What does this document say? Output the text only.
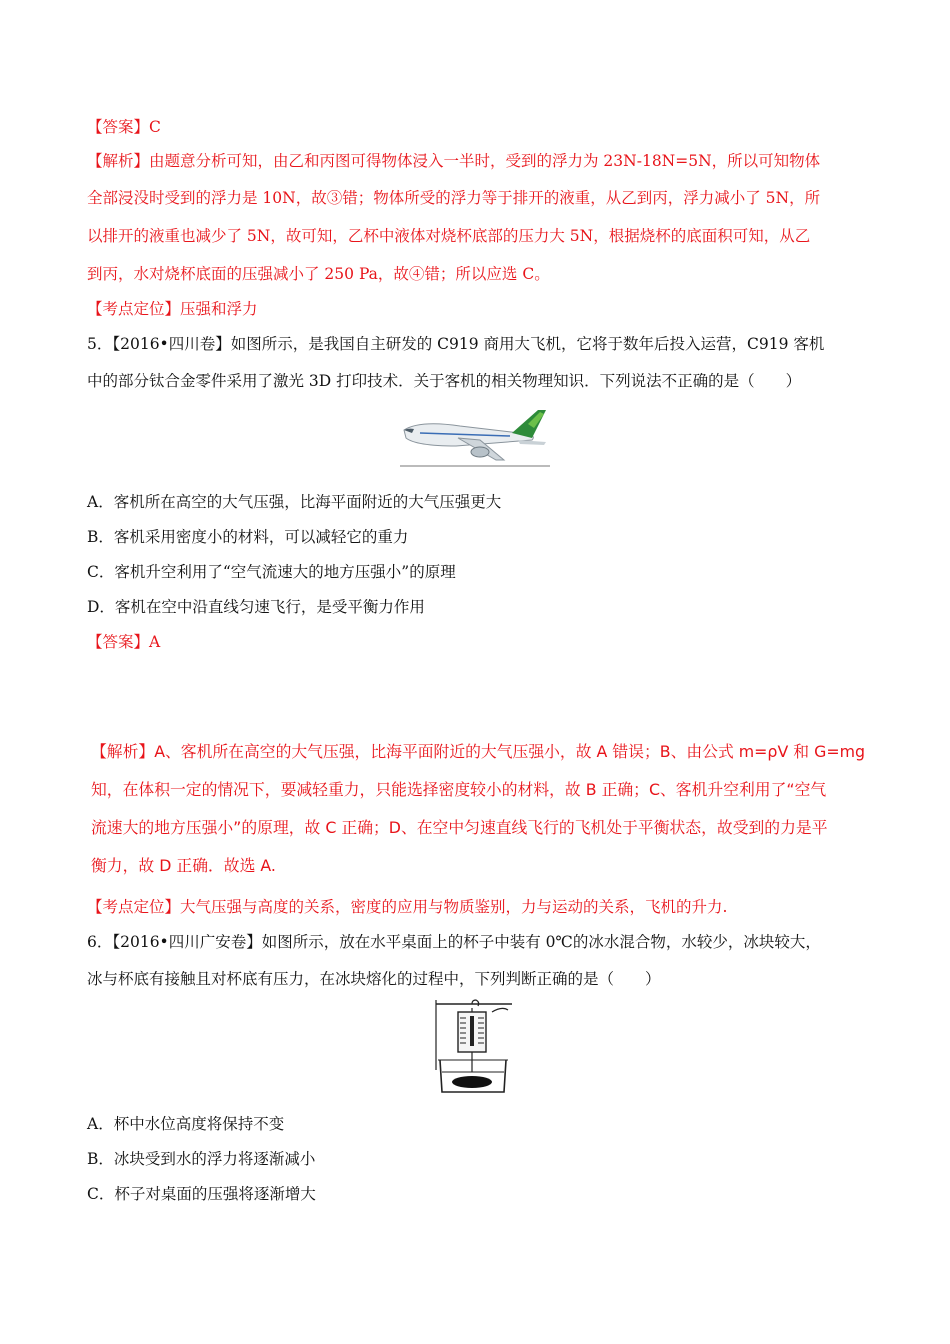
【答案】C
【解析】由题意分析可知，由乙和丙图可得物体浸入一半时，受到的浮力为 23N-18N=5N，所以可知物体
全部浸没时受到的浮力是 10N，故③错；物体所受的浮力等于排开的液重，从乙到丙，浮力减小了 5N，所
以排开的液重也减少了 5N，故可知，乙杯中液体对烧杯底部的压力大 5N，根据烧杯的底面积可知，从乙
到丙，水对烧杯底面的压强减小了 250 Pa，故④错；所以应选 C。
【考点定位】压强和浮力
5．【2016•四川卷】如图所示，是我国自主研发的 C919 商用大飞机，它将于数年后投入运营，C919 客机
中的部分钛合金零件采用了激光 3D 打印技术．关于客机的相关物理知识．下列说法不正确的是（　　）
A．客机所在高空的大气压强，比海平面附近的大气压强更大
B．客机采用密度小的材料，可以减轻它的重力
C．客机升空利用了“空气流速大的地方压强小”的原理
D．客机在空中沿直线匀速飞行，是受平衡力作用
【答案】A
【解析】A、客机所在高空的大气压强，比海平面附近的大气压强小，故 A 错误；B、由公式 m=ρV 和 G=mg
知，在体积一定的情况下，要减轻重力，只能选择密度较小的材料，故 B 正确；C、客机升空利用了“空气
流速大的地方压强小”的原理，故 C 正确；D、在空中匀速直线飞行的飞机处于平衡状态，故受到的力是平
衡力，故 D 正确．故选 A.
【考点定位】大气压强与高度的关系，密度的应用与物质鉴别，力与运动的关系，飞机的升力.
6．【2016•四川广安卷】如图所示，放在水平桌面上的杯子中装有 0℃的冰水混合物，水较少，冰块较大，
冰与杯底有接触且对杯底有压力，在冰块熔化的过程中，下列判断正确的是（　　）
A．杯中水位高度将保持不变
B．冰块受到水的浮力将逐渐减小
C．杯子对桌面的压强将逐渐增大
